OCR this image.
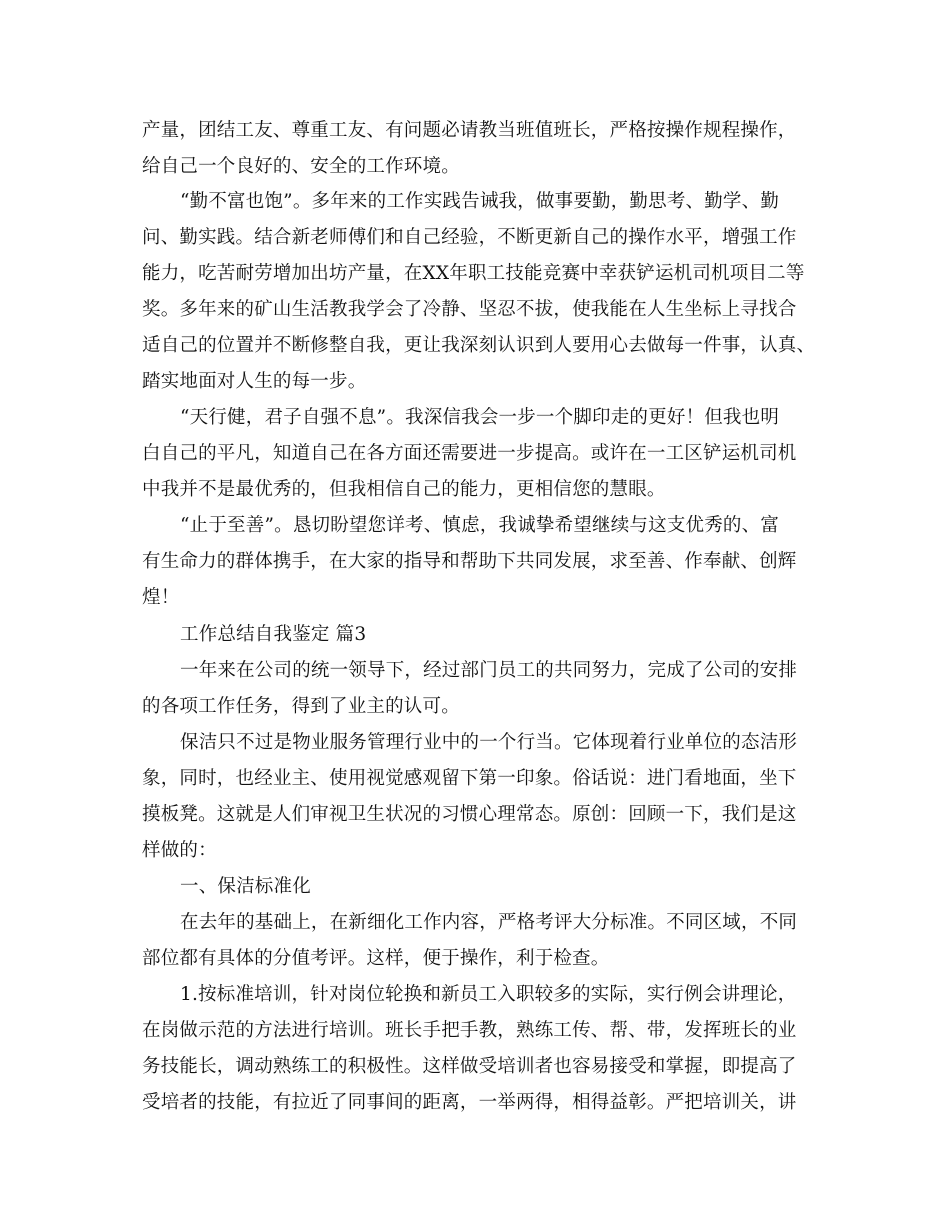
产量，团结工友、尊重工友、有问题必请教当班值班长，严格按操作规程操作，
给自己一个良好的、安全的工作环境。
“勤不富也饱”。多年来的工作实践告诫我，做事要勤，勤思考、勤学、勤
问、勤实践。结合新老师傅们和自己经验，不断更新自己的操作水平，增强工作
能力，吃苦耐劳增加出坊产量，在XX年职工技能竞赛中幸获铲运机司机项目二等
奖。多年来的矿山生活教我学会了冷静、坚忍不拔，使我能在人生坐标上寻找合
适自己的位置并不断修整自我，更让我深刻认识到人要用心去做每一件事，认真、
踏实地面对人生的每一步。
“天行健，君子自强不息”。我深信我会一步一个脚印走的更好！但我也明
白自己的平凡，知道自己在各方面还需要进一步提高。或许在一工区铲运机司机
中我并不是最优秀的，但我相信自己的能力，更相信您的慧眼。
“止于至善”。恳切盼望您详考、慎虑，我诚挚希望继续与这支优秀的、富
有生命力的群体携手，在大家的指导和帮助下共同发展，求至善、作奉献、创辉
煌！
工作总结自我鉴定 篇3
一年来在公司的统一领导下，经过部门员工的共同努力，完成了公司的安排
的各项工作任务，得到了业主的认可。
保洁只不过是物业服务管理行业中的一个行当。它体现着行业单位的态洁形
象，同时，也经业主、使用视觉感观留下第一印象。俗话说：进门看地面，坐下
摸板凳。这就是人们审视卫生状况的习惯心理常态。原创：回顾一下，我们是这
样做的：
一、保洁标准化
在去年的基础上，在新细化工作内容，严格考评大分标准。不同区域，不同
部位都有具体的分值考评。这样，便于操作，利于检查。
1.按标准培训，针对岗位轮换和新员工入职较多的实际，实行例会讲理论，
在岗做示范的方法进行培训。班长手把手教，熟练工传、帮、带，发挥班长的业
务技能长，调动熟练工的积极性。这样做受培训者也容易接受和掌握，即提高了
受培者的技能，有拉近了同事间的距离，一举两得，相得益彰。严把培训关，讲
